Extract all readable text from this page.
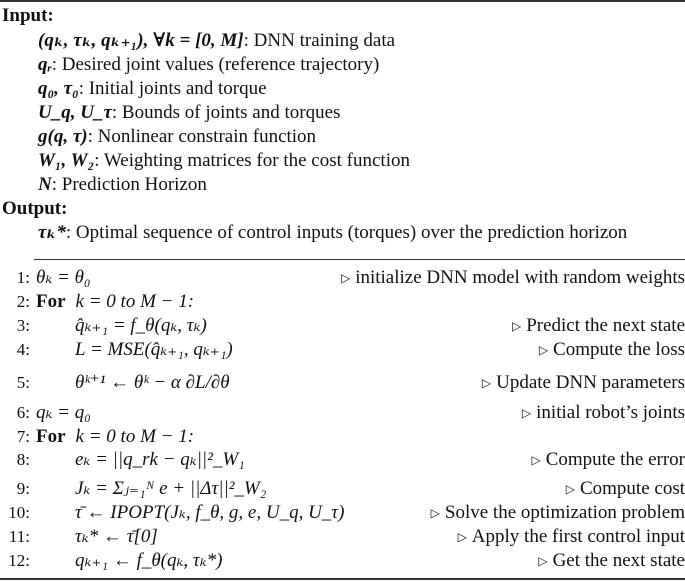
Input:
(qₖ, τₖ, qₖ₊₁), ∀k = [0, M]: DNN training data
qᵣ: Desired joint values (reference trajectory)
q₀, τ₀: Initial joints and torque
U_q, U_τ: Bounds of joints and torques
g(q, τ): Nonlinear constrain function
W₁, W₂: Weighting matrices for the cost function
N: Prediction Horizon
Output:
τₖ*: Optimal sequence of control inputs (torques) over the prediction horizon
1: θₖ = θ₀	▷ initialize DNN model with random weights
2: For k = 0 to M − 1:
3: q̂ₖ₊₁ = f_θ(qₖ, τₖ)	▷ Predict the next state
4: L = MSE(q̂ₖ₊₁, qₖ₊₁)	▷ Compute the loss
5: θᵏ⁺¹ ← θᵏ − α ∂L/∂θ	▷ Update DNN parameters
6: qₖ = q₀	▷ initial robot’s joints
7: For k = 0 to M − 1:
8: eₖ = ||q_rk − qₖ||²_W₁	▷ Compute the error
9: Jₖ = Σⱼ₌₁ᴺ e + ||Δτ||²_W₂	▷ Compute cost
10: τ̄ ← IPOPT(Jₖ, f_θ, g, e, U_q, U_τ)	▷ Solve the optimization problem
11: τₖ* ← τ̄[0]	▷ Apply the first control input
12: qₖ₊₁ ← f_θ(qₖ, τₖ*)	▷ Get the next state
